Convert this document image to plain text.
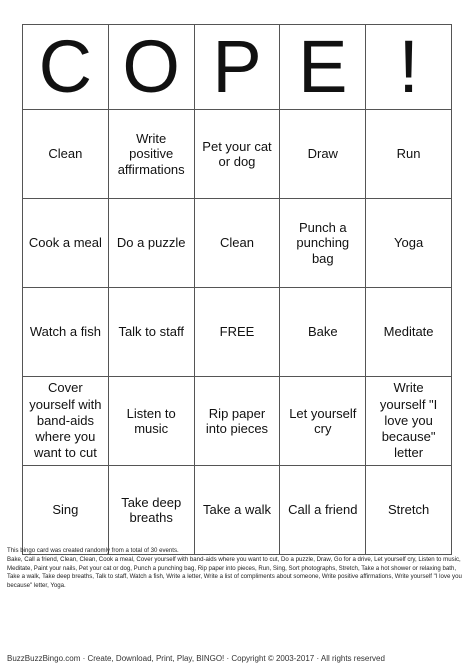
C	O	P	E	!
Clean	Write positive affirmations	Pet your cat or dog	Draw	Run
Cook a meal	Do a puzzle	Clean	Punch a punching bag	Yoga
Watch a fish	Talk to staff	FREE	Bake	Meditate
Cover yourself with band-aids where you want to cut	Listen to music	Rip paper into pieces	Let yourself cry	Write yourself "I love you because" letter
Sing	Take deep breaths	Take a walk	Call a friend	Stretch

This bingo card was created randomly from a total of 30 events.

Bake, Call a friend, Clean, Clean, Cook a meal, Cover yourself with band-aids where you want to cut, Do a puzzle, Draw, Go for a drive, Let yourself cry, Listen to music, Meditate, Paint your nails, Pet your cat or dog, Punch a punching bag, Rip paper into pieces, Run, Sing, Sort photographs, Stretch, Take a hot shower or relaxing bath, Take a walk, Take deep breaths, Talk to staff, Watch a fish, Write a letter, Write a list of compliments about someone, Write positive affirmations, Write yourself "I love you because" letter, Yoga.

BuzzBuzzBingo.com · Create, Download, Print, Play, BINGO! · Copyright © 2003-2017 · All rights reserved
